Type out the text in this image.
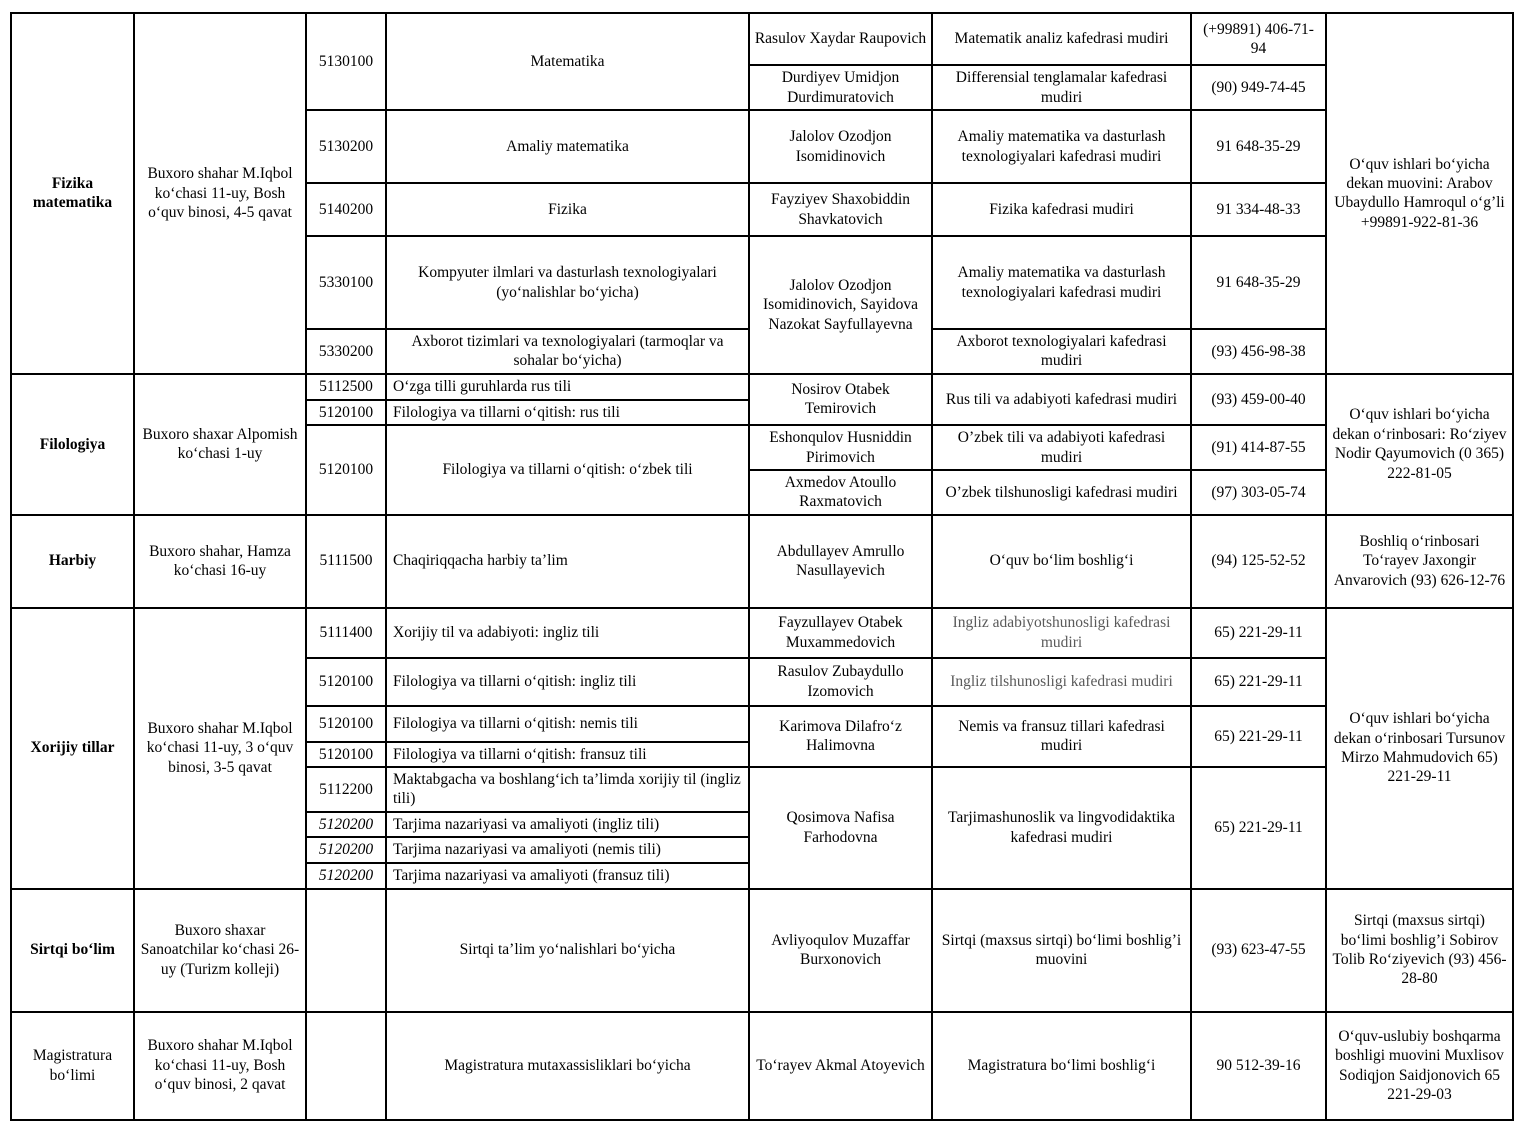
Fizika matematika	Buxoro shahar M.Iqbol ko‘chasi 11-uy, Bosh o‘quv binosi, 4-5 qavat	5130100	Matematika	Rasulov Xaydar Raupovich	Matematik analiz kafedrasi mudiri	(+99891) 406-71-94	O‘quv ishlari bo‘yicha dekan muovini: Arabov Ubaydullo Hamroqul o‘g’li +99891-922-81-36
				Durdiyev Umidjon Durdimuratovich	Differensial tenglamalar kafedrasi mudiri	(90) 949-74-45	
		5130200	Amaliy matematika	Jalolov Ozodjon Isomidinovich	Amaliy matematika va dasturlash texnologiyalari kafedrasi mudiri	91 648-35-29	
		5140200	Fizika	Fayziyev Shaxobiddin Shavkatovich	Fizika kafedrasi mudiri	91 334-48-33	
		5330100	Kompyuter ilmlari va dasturlash texnologiyalari (yo‘nalishlar bo‘yicha)	Jalolov Ozodjon Isomidinovich, Sayidova Nazokat Sayfullayevna	Amaliy matematika va dasturlash texnologiyalari kafedrasi mudiri	91 648-35-29	
		5330200	Axborot tizimlari va texnologiyalari (tarmoqlar va sohalar bo‘yicha)		Axborot texnologiyalari kafedrasi mudiri	(93) 456-98-38	
Filologiya	Buxoro shaxar Alpomish ko‘chasi 1-uy	5112500	O‘zga tilli guruhlarda rus tili	Nosirov Otabek Temirovich	Rus tili va adabiyoti kafedrasi mudiri	(93) 459-00-40	O‘quv ishlari bo‘yicha dekan o‘rinbosari: Ro‘ziyev Nodir Qayumovich (0 365) 222-81-05
		5120100	Filologiya va tillarni o‘qitish: rus tili				
		5120100	Filologiya va tillarni o‘qitish: o‘zbek tili	Eshonqulov Husniddin Pirimovich	O’zbek tili va adabiyoti kafedrasi mudiri	(91) 414-87-55	
				Axmedov Atoullo Raxmatovich	O’zbek tilshunosligi kafedrasi mudiri	(97) 303-05-74	
Harbiy	Buxoro shahar, Hamza ko‘chasi 16-uy	5111500	Chaqiriqqacha harbiy ta’lim	Abdullayev Amrullo Nasullayevich	O‘quv bo‘lim boshlig‘i	(94) 125-52-52	Boshliq o‘rinbosari To‘rayev Jaxongir Anvarovich (93) 626-12-76
Xorijiy tillar	Buxoro shahar M.Iqbol ko‘chasi 11-uy, 3 o‘quv binosi, 3-5 qavat	5111400	Xorijiy til va adabiyoti: ingliz tili	Fayzullayev Otabek Muxammedovich	Ingliz adabiyotshunosligi kafedrasi mudiri	65) 221-29-11	O‘quv ishlari bo‘yicha dekan o‘rinbosari Tursunov Mirzo Mahmudovich 65) 221-29-11
		5120100	Filologiya va tillarni o‘qitish: ingliz tili	Rasulov Zubaydullo Izomovich	Ingliz tilshunosligi kafedrasi mudiri	65) 221-29-11	
		5120100	Filologiya va tillarni o‘qitish: nemis tili	Karimova Dilafro‘z Halimovna	Nemis va fransuz tillari kafedrasi mudiri	65) 221-29-11	
		5120100	Filologiya va tillarni o‘qitish: fransuz tili				
		5112200	Maktabgacha va boshlang‘ich ta’limda xorijiy til (ingliz tili)	Qosimova Nafisa Farhodovna	Tarjimashunoslik va lingvodidaktika kafedrasi mudiri	65) 221-29-11	
		5120200	Tarjima nazariyasi va amaliyoti (ingliz tili)				
		5120200	Tarjima nazariyasi va amaliyoti (nemis tili)				
		5120200	Tarjima nazariyasi va amaliyoti (fransuz tili)				
Sirtqi bo‘lim	Buxoro shaxar Sanoatchilar ko‘chasi 26-uy (Turizm kolleji)		Sirtqi ta’lim yo‘nalishlari bo‘yicha	Avliyoqulov Muzaffar Burxonovich	Sirtqi (maxsus sirtqi) bo‘limi boshlig’i muovini	(93) 623-47-55	Sirtqi (maxsus sirtqi) bo‘limi boshlig’i Sobirov Tolib Ro‘ziyevich (93) 456-28-80
Magistratura bo‘limi	Buxoro shahar M.Iqbol ko‘chasi 11-uy, Bosh o‘quv binosi, 2 qavat		Magistratura mutaxassisliklari bo‘yicha	To‘rayev Akmal Atoyevich	Magistratura bo‘limi boshlig‘i	90 512-39-16	O‘quv-uslubiy boshqarma boshligi muovini Muxlisov Sodiqjon Saidjonovich 65 221-29-03
